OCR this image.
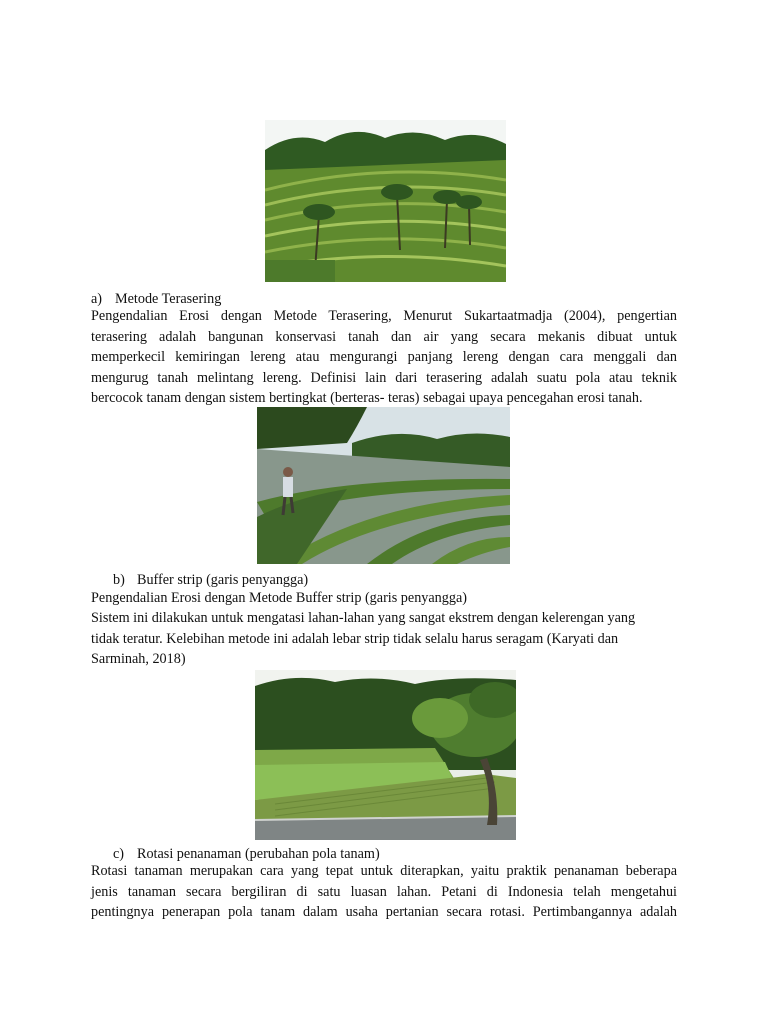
a) Metode Terasering
Pengendalian Erosi dengan Metode Terasering, Menurut Sukartaatmadja (2004), pengertian
terasering adalah bangunan konservasi tanah dan air yang secara mekanis dibuat untuk
memperkecil kemiringan lereng atau mengurangi panjang lereng dengan cara menggali dan
mengurug tanah melintang lereng. Definisi lain dari terasering adalah suatu pola atau teknik
bercocok tanam dengan sistem bertingkat (berteras- teras) sebagai upaya pencegahan erosi tanah.
b) Buffer strip (garis penyangga)
Pengendalian Erosi dengan Metode Buffer strip (garis penyangga)
Sistem ini dilakukan untuk mengatasi lahan-lahan yang sangat ekstrem dengan kelerengan yang
tidak teratur. Kelebihan metode ini adalah lebar strip tidak selalu harus seragam (Karyati dan
Sarminah, 2018)
c) Rotasi penanaman (perubahan pola tanam)
Rotasi tanaman merupakan cara yang tepat untuk diterapkan, yaitu praktik penanaman beberapa
jenis tanaman secara bergiliran di satu luasan lahan. Petani di Indonesia telah mengetahui
pentingnya penerapan pola tanam dalam usaha pertanian secara rotasi. Pertimbangannya adalah
